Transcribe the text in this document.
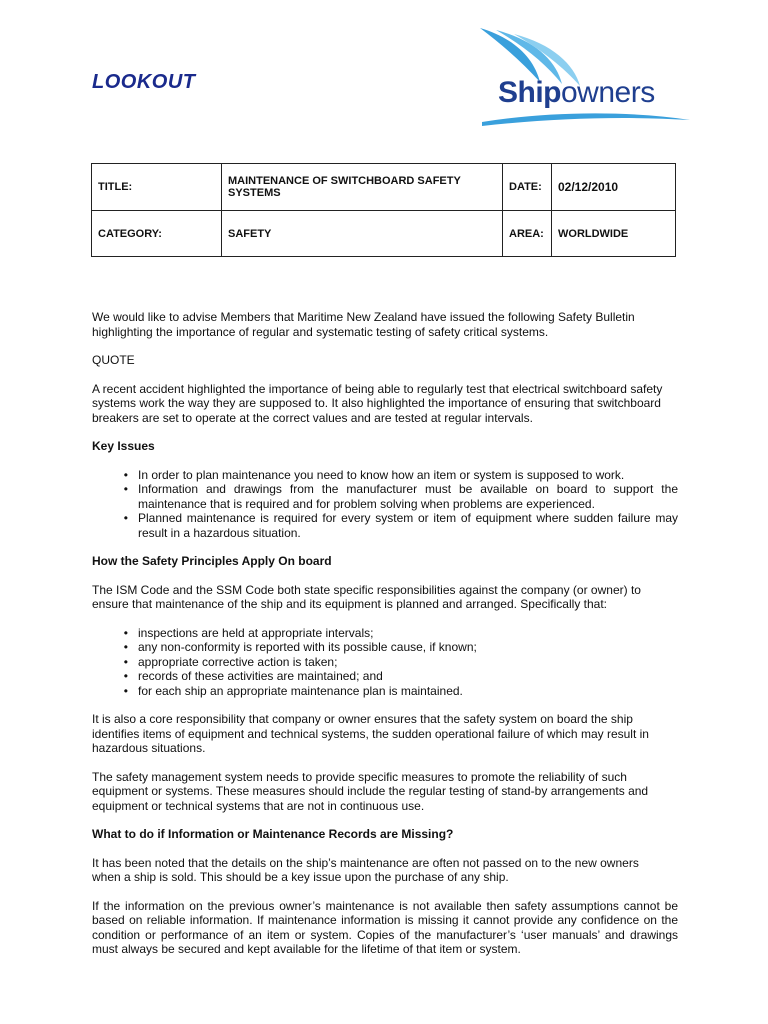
LOOKOUT	Shipowners
TITLE:	MAINTENANCE OF SWITCHBOARD SAFETY SYSTEMS	DATE:	02/12/2010
CATEGORY:	SAFETY	AREA:	WORLDWIDE

We would like to advise Members that Maritime New Zealand have issued the following Safety Bulletin highlighting the importance of regular and systematic testing of safety critical systems.

QUOTE

A recent accident highlighted the importance of being able to regularly test that electrical switchboard safety systems work the way they are supposed to. It also highlighted the importance of ensuring that switchboard breakers are set to operate at the correct values and are tested at regular intervals.

Key Issues

• In order to plan maintenance you need to know how an item or system is supposed to work.
• Information and drawings from the manufacturer must be available on board to support the maintenance that is required and for problem solving when problems are experienced.
• Planned maintenance is required for every system or item of equipment where sudden failure may result in a hazardous situation.

How the Safety Principles Apply On board

The ISM Code and the SSM Code both state specific responsibilities against the company (or owner) to ensure that maintenance of the ship and its equipment is planned and arranged. Specifically that:

• inspections are held at appropriate intervals;
• any non-conformity is reported with its possible cause, if known;
• appropriate corrective action is taken;
• records of these activities are maintained; and
• for each ship an appropriate maintenance plan is maintained.

It is also a core responsibility that company or owner ensures that the safety system on board the ship identifies items of equipment and technical systems, the sudden operational failure of which may result in hazardous situations.

The safety management system needs to provide specific measures to promote the reliability of such equipment or systems. These measures should include the regular testing of stand-by arrangements and equipment or technical systems that are not in continuous use.

What to do if Information or Maintenance Records are Missing?

It has been noted that the details on the ship’s maintenance are often not passed on to the new owners

when a ship is sold. This should be a key issue upon the purchase of any ship.

If the information on the previous owner’s maintenance is not available then safety assumptions cannot be based on reliable information. If maintenance information is missing it cannot provide any confidence on the condition or performance of an item or system. Copies of the manufacturer’s ‘user manuals’ and drawings must always be secured and kept available for the lifetime of that item or system.
